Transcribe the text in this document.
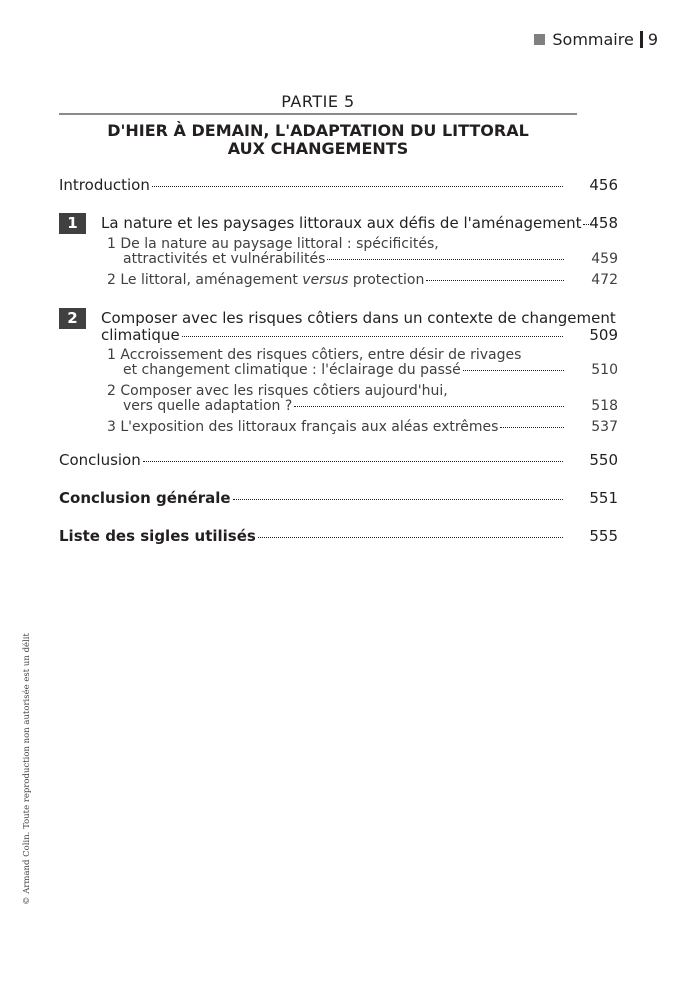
Sommaire 9
PARTIE 5
D'HIER À DEMAIN, L'ADAPTATION DU LITTORAL
AUX CHANGEMENTS
Introduction	456
1	La nature et les paysages littoraux aux défis de l'aménagement 458
1 De la nature au paysage littoral : spécificités,
attractivités et vulnérabilités	459
2 Le littoral, aménagement versus protection	472
2	Composer avec les risques côtiers dans un contexte de changement
climatique	509
1 Accroissement des risques côtiers, entre désir de rivages
et changement climatique : l'éclairage du passé	510
2 Composer avec les risques côtiers aujourd'hui,
vers quelle adaptation ?	518
3 L'exposition des littoraux français aux aléas extrêmes	537
Conclusion	550
Conclusion générale	551
Liste des sigles utilisés	555
© Armand Colin. Toute reproduction non autorisée est un délit
